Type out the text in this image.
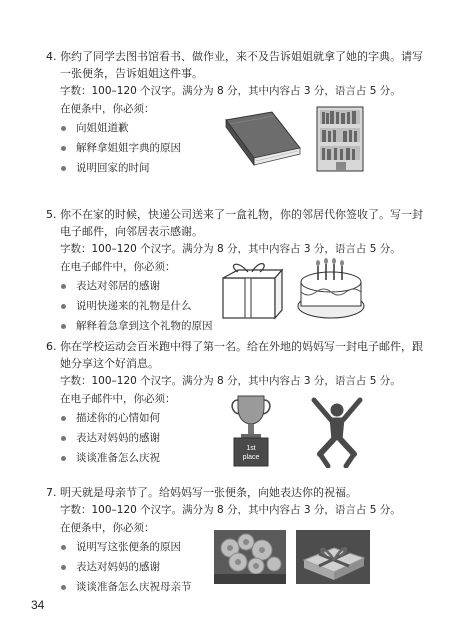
4. 你约了同学去图书馆看书、做作业，来不及告诉姐姐就拿了她的字典。请写

一张便条，告诉姐姐这件事。

字数：100–120 个汉字。满分为 8 分，其中内容占 3 分，语言占 5 分。
在便条中，你必须：
向姐姐道歉
解释拿姐姐字典的原因
说明回家的时间

5. 你不在家的时候，快递公司送来了一盒礼物，你的邻居代你签收了。写一封

电子邮件，向邻居表示感谢。

字数：100–120 个汉字。满分为 8 分，其中内容占 3 分，语言占 5 分。
在电子邮件中，你必须：
表达对邻居的感谢
说明快递来的礼物是什么
解释着急拿到这个礼物的原因

6. 你在学校运动会百米跑中得了第一名。给在外地的妈妈写一封电子邮件，跟

她分享这个好消息。

字数：100–120 个汉字。满分为 8 分，其中内容占 3 分，语言占 5 分。
在电子邮件中，你必须：
描述你的心情如何
表达对妈妈的感谢
谈谈准备怎么庆祝
1st
place

7. 明天就是母亲节了。给妈妈写一张便条，向她表达你的祝福。

字数：100–120 个汉字。满分为 8 分，其中内容占 3 分，语言占 5 分。
在便条中，你必须：
说明写这张便条的原因
表达对妈妈的感谢
谈谈准备怎么庆祝母亲节
34
